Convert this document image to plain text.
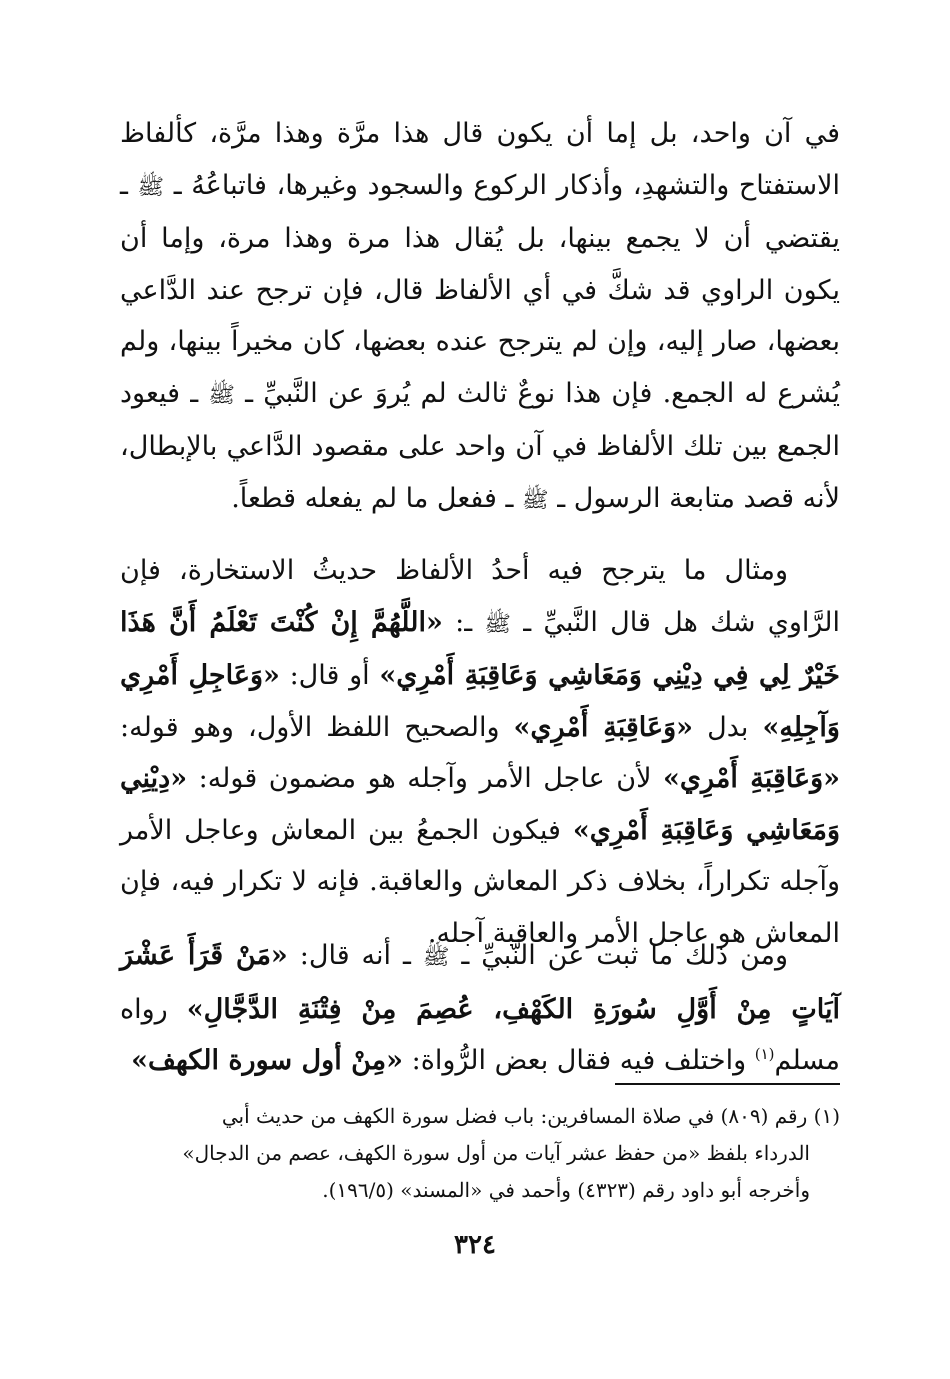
في آن واحد، بل إما أن يكون قال هذا مرَّة وهذا مرَّة، كألفاظ الاستفتاح والتشهدِ، وأذكار الركوع والسجود وغيرها، فاتباعُهُ ـ ﷺ ـ يقتضي أن لا يجمع بينها، بل يُقال هذا مرة وهذا مرة، وإما أن يكون الراوي قد شكَّ في أي الألفاظ قال، فإن ترجح عند الدَّاعي بعضها، صار إليه، وإن لم يترجح عنده بعضها، كان مخيراً بينها، ولم يُشرع له الجمع. فإن هذا نوعٌ ثالث لم يُروَ عن النَّبيِّ ـ ﷺ ـ فيعود الجمع بين تلك الألفاظ في آن واحد على مقصود الدَّاعي بالإبطال، لأنه قصد متابعة الرسول ـ ﷺ ـ ففعل ما لم يفعله قطعاً.

ومثال ما يترجح فيه أحدُ الألفاظ حديثُ الاستخارة، فإن الرَّاوي شك هل قال النَّبيِّ ـ ﷺ ـ: «اللَّهُمَّ إِنْ كُنْتَ تَعْلَمُ أَنَّ هَذَا خَيْرٌ لِي فِي دِيْنِي وَمَعَاشِي وَعَاقِبَةِ أَمْرِي» أو قال: «وَعَاجِلِ أَمْرِي وَآجِلِهِ» بدل «وَعَاقِبَةِ أَمْرِي» والصحيح اللفظ الأول، وهو قوله: «وَعَاقِبَةِ أَمْرِي» لأن عاجل الأمر وآجله هو مضمون قوله: «دِيْنِي وَمَعَاشِي وَعَاقِبَةِ أَمْرِي» فيكون الجمعُ بين المعاش وعاجل الأمر وآجله تكراراً، بخلاف ذكر المعاش والعاقبة. فإنه لا تكرار فيه، فإن المعاش هو عاجل الأمر والعاقبة آجله.

ومن ذلك ما ثبت عن النَّبيِّ ـ ﷺ ـ أنه قال: «مَنْ قَرَأَ عَشْرَ آيَاتٍ مِنْ أَوَّلِ سُورَةِ الكَهْفِ، عُصِمَ مِنْ فِتْنَةِ الدَّجَّالِ» رواه مسلم$^{(١)}$ واختلف فيه فقال بعض الرُّواة: «مِنْ أول سورة الكهف»

(١) رقم (٨٠٩) في صلاة المسافرين: باب فضل سورة الكهف من حديث أبي

الدرداء بلفظ «من حفظ عشر آيات من أول سورة الكهف، عصم من الدجال»

وأخرجه أبو داود رقم (٤٣٢٣) وأحمد في «المسند» (١٩٦/٥).

٣٢٤
